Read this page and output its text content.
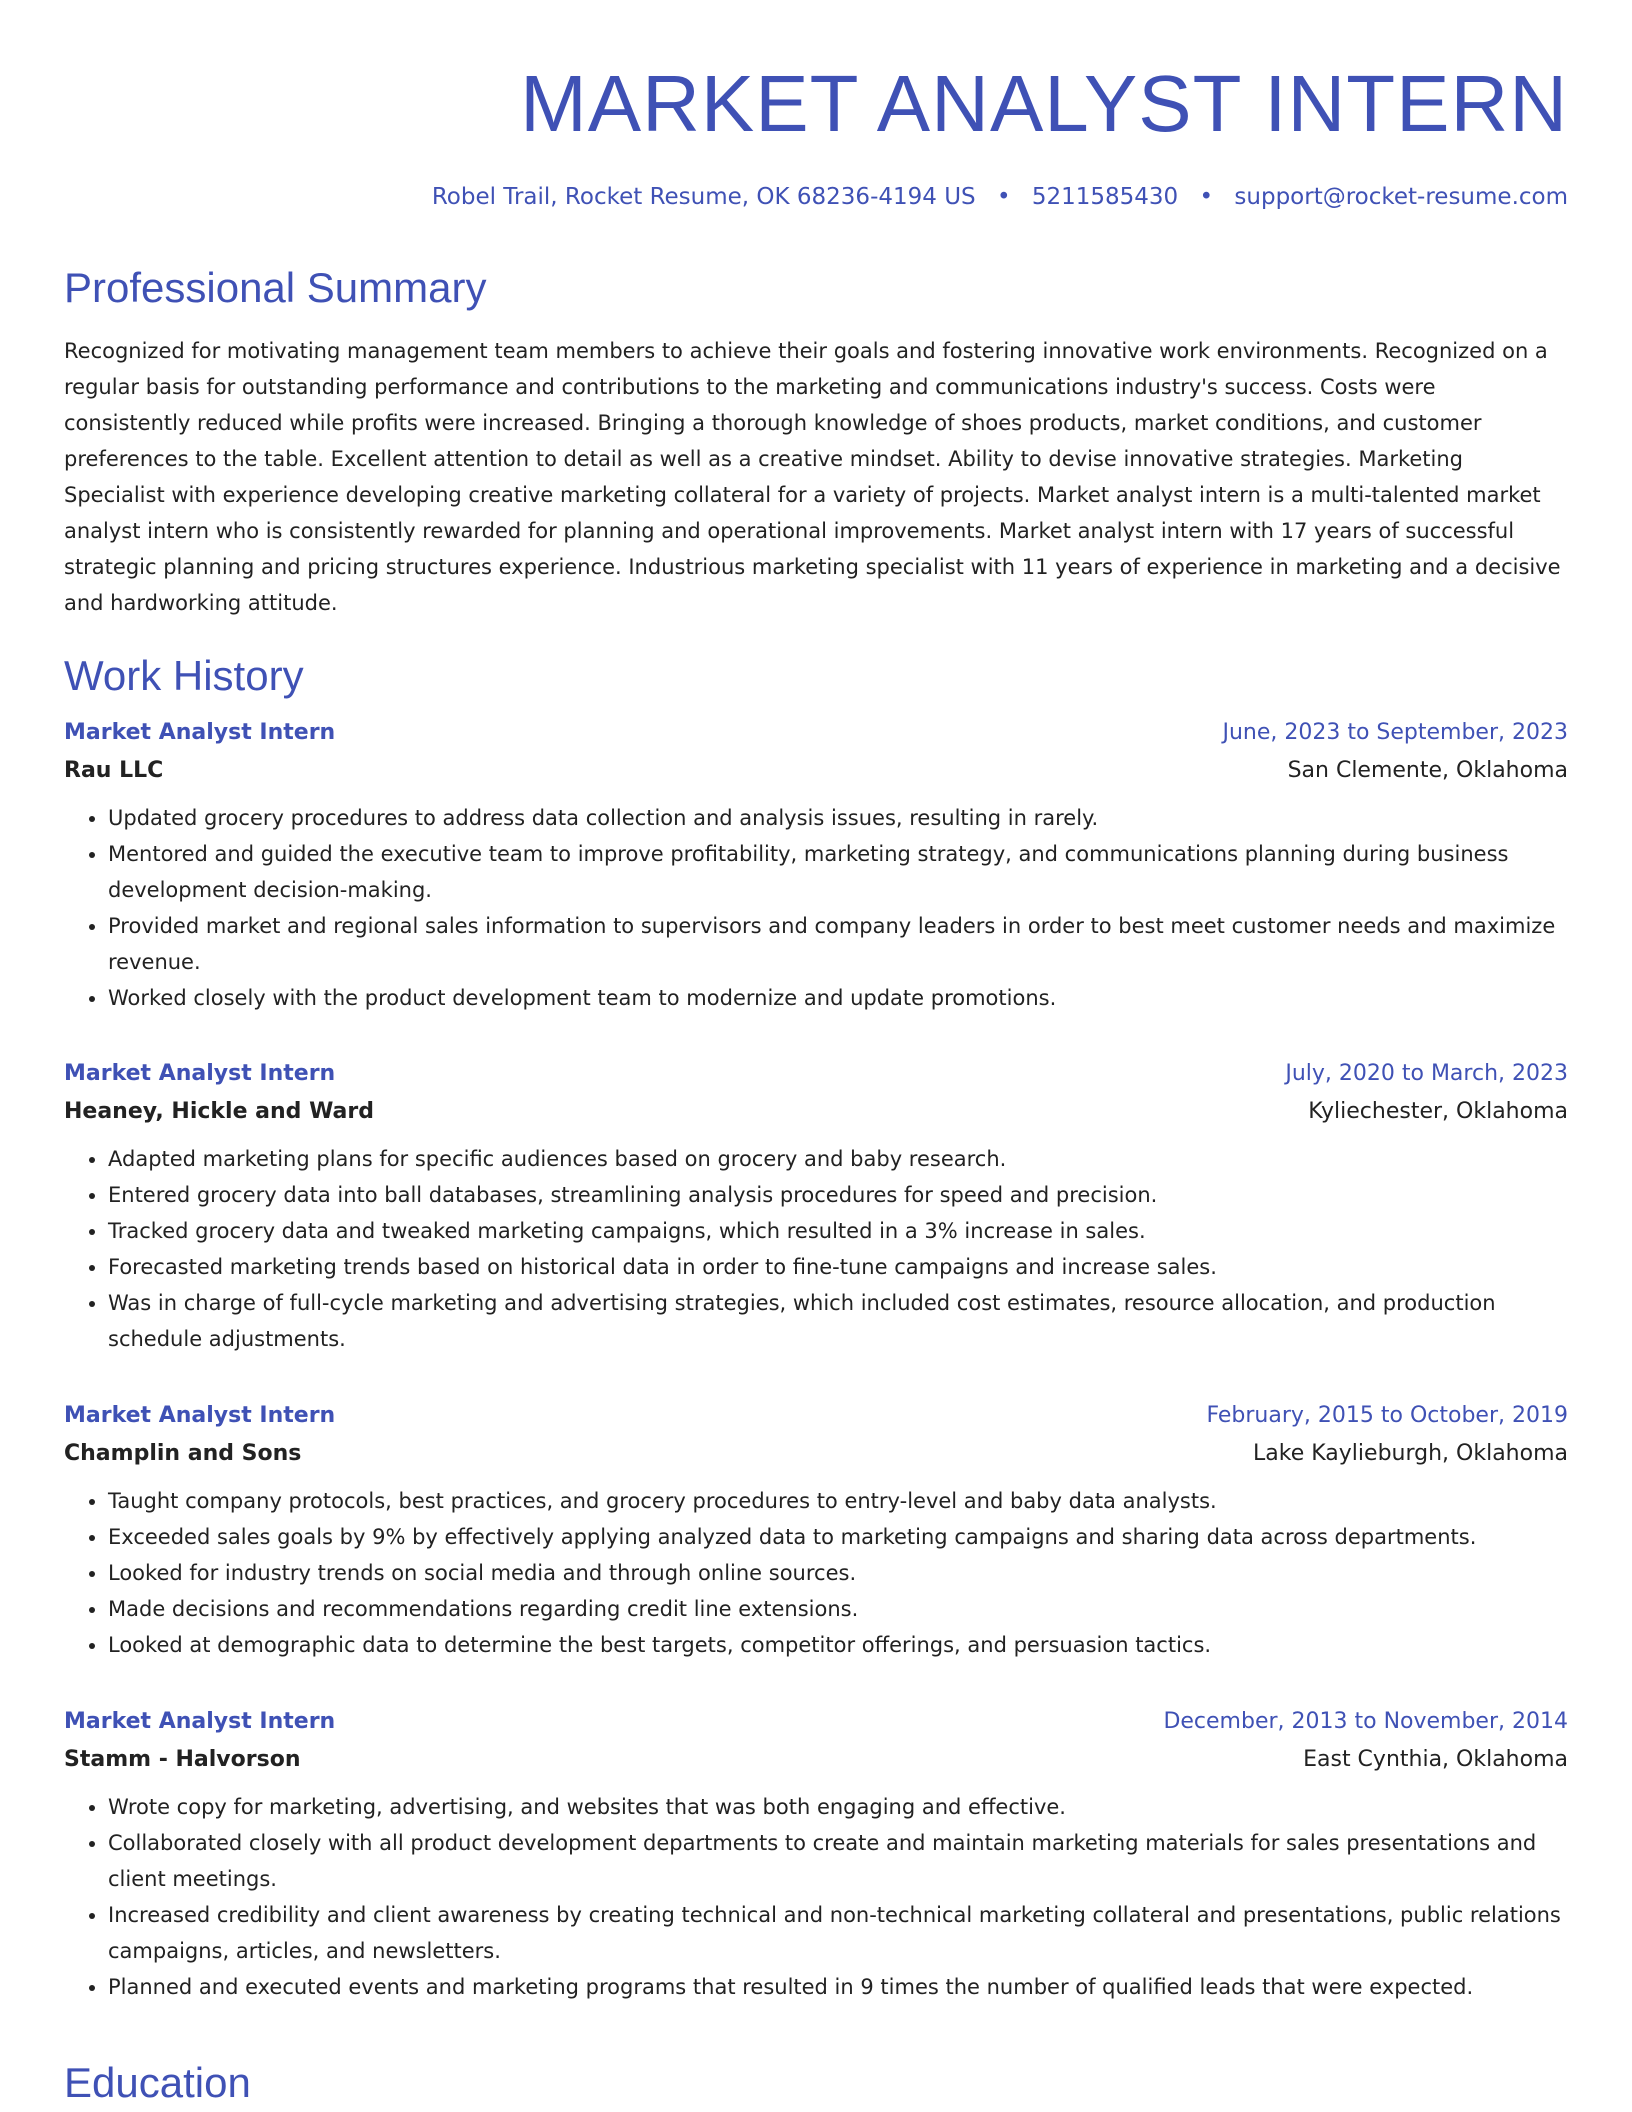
MARKET ANALYST INTERN
Robel Trail, Rocket Resume, OK 68236-4194 US • 5211585430 • support@rocket-resume.com
Professional Summary

Recognized for motivating management team members to achieve their goals and fostering innovative work environments. Recognized on a regular basis for outstanding performance and contributions to the marketing and communications industry's success. Costs were consistently reduced while profits were increased. Bringing a thorough knowledge of shoes products, market conditions, and customer preferences to the table. Excellent attention to detail as well as a creative mindset. Ability to devise innovative strategies. Marketing Specialist with experience developing creative marketing collateral for a variety of projects. Market analyst intern is a multi-talented market analyst intern who is consistently rewarded for planning and operational improvements. Market analyst intern with 17 years of successful strategic planning and pricing structures experience. Industrious marketing specialist with 11 years of experience in marketing and a decisive and hardworking attitude.

Work History
Market Analyst Intern	June, 2023 to September, 2023
Rau LLC	San Clemente, Oklahoma
• Updated grocery procedures to address data collection and analysis issues, resulting in rarely.
• Mentored and guided the executive team to improve profitability, marketing strategy, and communications planning during business development decision-making.
• Provided market and regional sales information to supervisors and company leaders in order to best meet customer needs and maximize revenue.
• Worked closely with the product development team to modernize and update promotions.
Market Analyst Intern	July, 2020 to March, 2023
Heaney, Hickle and Ward	Kyliechester, Oklahoma
• Adapted marketing plans for specific audiences based on grocery and baby research.
• Entered grocery data into ball databases, streamlining analysis procedures for speed and precision.
• Tracked grocery data and tweaked marketing campaigns, which resulted in a 3% increase in sales.
• Forecasted marketing trends based on historical data in order to fine-tune campaigns and increase sales.
• Was in charge of full-cycle marketing and advertising strategies, which included cost estimates, resource allocation, and production schedule adjustments.
Market Analyst Intern	February, 2015 to October, 2019
Champlin and Sons	Lake Kaylieburgh, Oklahoma
• Taught company protocols, best practices, and grocery procedures to entry-level and baby data analysts.
• Exceeded sales goals by 9% by effectively applying analyzed data to marketing campaigns and sharing data across departments.
• Looked for industry trends on social media and through online sources.
• Made decisions and recommendations regarding credit line extensions.
• Looked at demographic data to determine the best targets, competitor offerings, and persuasion tactics.
Market Analyst Intern	December, 2013 to November, 2014
Stamm - Halvorson	East Cynthia, Oklahoma
• Wrote copy for marketing, advertising, and websites that was both engaging and effective.
• Collaborated closely with all product development departments to create and maintain marketing materials for sales presentations and client meetings.
• Increased credibility and client awareness by creating technical and non-technical marketing collateral and presentations, public relations campaigns, articles, and newsletters.
• Planned and executed events and marketing programs that resulted in 9 times the number of qualified leads that were expected.
Education
